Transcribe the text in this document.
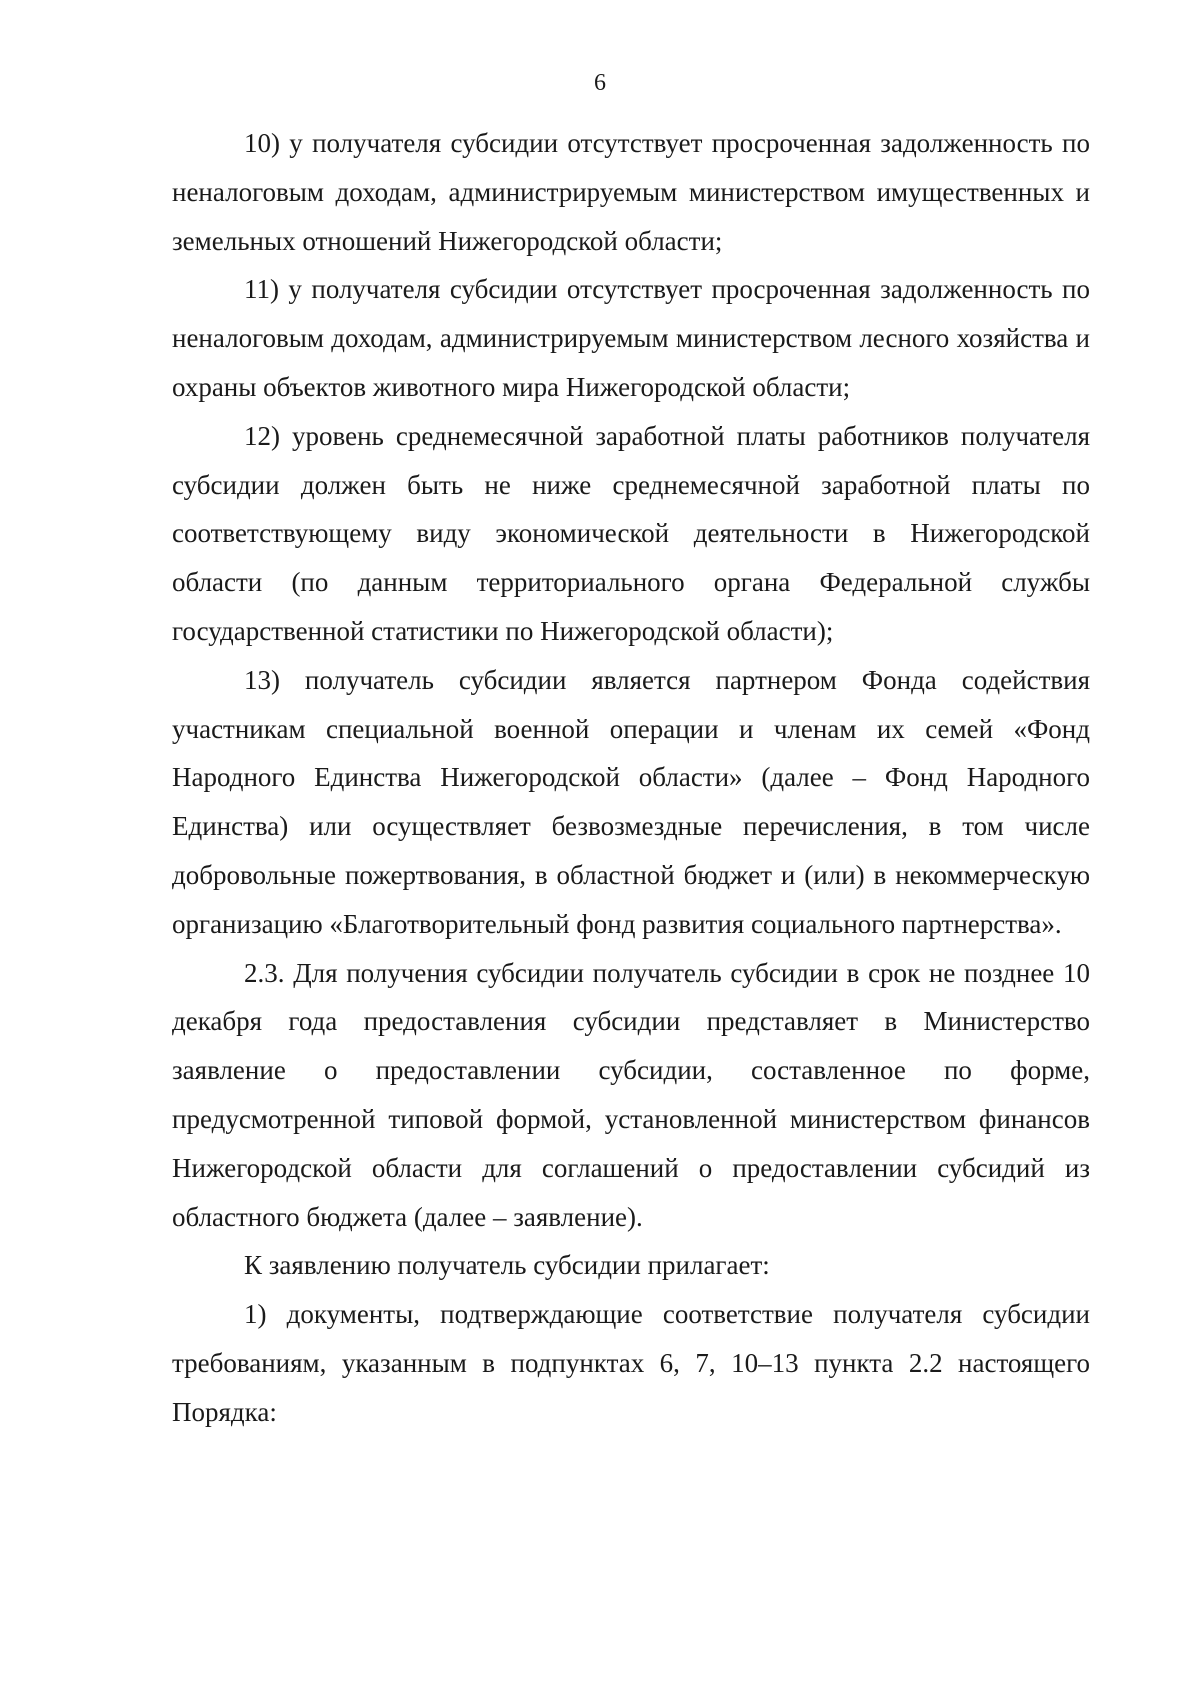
6

10) у получателя субсидии отсутствует просроченная задолженность по неналоговым доходам, администрируемым министерством имущественных и земельных отношений Нижегородской области;

11) у получателя субсидии отсутствует просроченная задолженность по неналоговым доходам, администрируемым министерством лесного хозяйства и охраны объектов животного мира Нижегородской области;

12) уровень среднемесячной заработной платы работников получателя субсидии должен быть не ниже среднемесячной заработной платы по соответствующему виду экономической деятельности в Нижегородской области (по данным территориального органа Федеральной службы государственной статистики по Нижегородской области);

13) получатель субсидии является партнером Фонда содействия участникам специальной военной операции и членам их семей «Фонд Народного Единства Нижегородской области» (далее – Фонд Народного Единства) или осуществляет безвозмездные перечисления, в том числе добровольные пожертвования, в областной бюджет и (или) в некоммерческую организацию «Благотворительный фонд развития социального партнерства».

2.3. Для получения субсидии получатель субсидии в срок не позднее 10 декабря года предоставления субсидии представляет в Министерство заявление о предоставлении субсидии, составленное по форме, предусмотренной типовой формой, установленной министерством финансов Нижегородской области для соглашений о предоставлении субсидий из областного бюджета (далее – заявление).

К заявлению получатель субсидии прилагает:

1) документы, подтверждающие соответствие получателя субсидии требованиям, указанным в подпунктах 6, 7, 10–13 пункта 2.2 настоящего Порядка:
